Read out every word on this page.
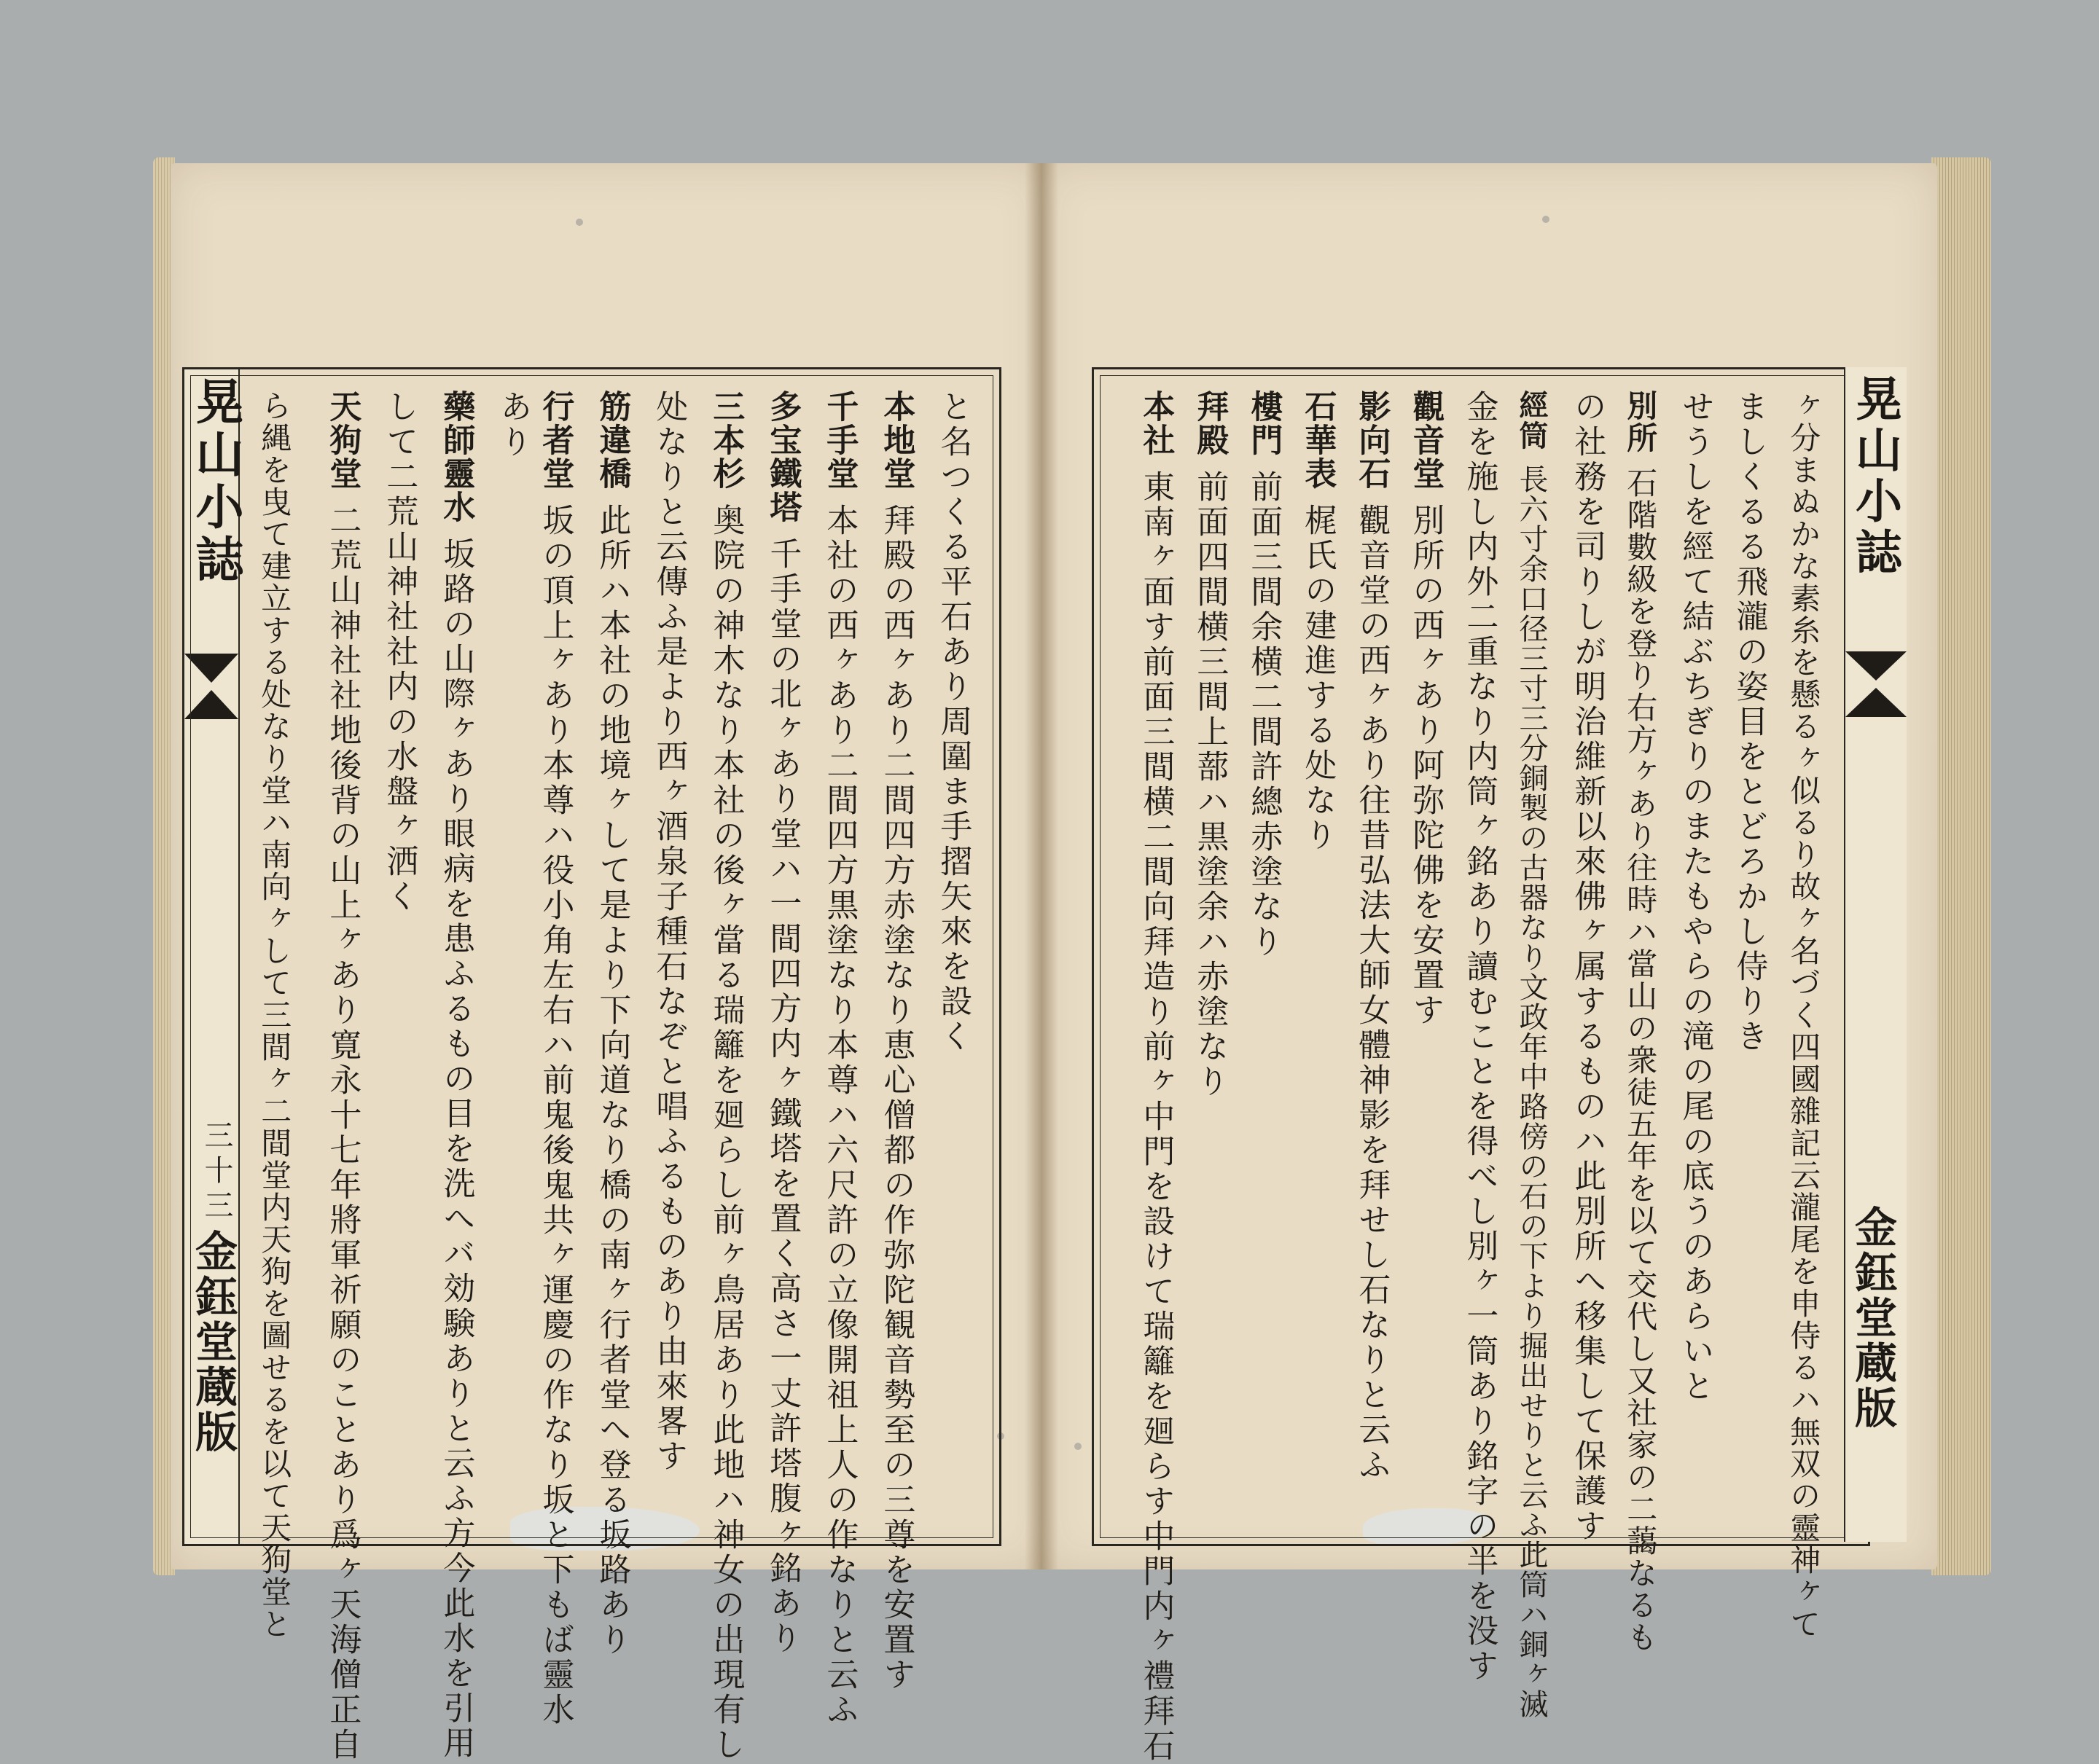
晃山小誌
三十三
金鈺堂蔵版
と名つくる平石あり周圍ま手摺矢來を設く
本地堂拜殿の西ヶあり二間四方赤塗なり恵心僧都の作弥陀観音勢至の三尊を安置す
千手堂本社の西ヶあり二間四方黒塗なり本尊ハ六尺許の立像開祖上人の作なりと云ふ
多宝鐵塔千手堂の北ヶあり堂ハ一間四方内ヶ鐵塔を置く高さ一丈許塔腹ヶ銘あり
三本杉奥院の神木なり本社の後ヶ當る瑞籬を廻らし前ヶ鳥居あり此地ハ神女の出現有し
处なりと云傳ふ是より西ヶ酒泉子種石なぞと唱ふるものあり由來畧す
筋違橋此所ハ本社の地境ヶして是より下向道なり橋の南ヶ行者堂へ登る坂路あり
行者堂坂の頂上ヶあり本尊ハ役小角左右ハ前鬼後鬼共ヶ運慶の作なり坂と下もば靈水
あり
藥師靈水坂路の山際ヶあり眼病を患ふるもの目を洗へバ効験ありと云ふ方今此水を引用
して二荒山神社社内の水盤ヶ洒く
天狗堂二荒山神社社地後背の山上ヶあり寛永十七年將軍祈願のことあり爲ヶ天海僧正自
ら縄を曳て建立する处なり堂ハ南向ヶして三間ヶ二間堂内天狗を圖せるを以て天狗堂と	ヶ分まぬかな素糸を懸るヶ似るり故ヶ名づく四國雜記云瀧尾を申侍るハ無双の靈神ヶて
ましくるる飛瀧の姿目をとどろかし侍りき
せうしを經て結ぶちぎりのまたもやらの滝の尾の底うのあらいと
別所石階數級を登り右方ヶあり往時ハ當山の衆徒五年を以て交代し又社家の二藹なるも
の社務を司りしが明治維新以來佛ヶ属するものハ此別所へ移集して保護す
經筒長六寸余口径三寸三分銅製の古器なり文政年中路傍の石の下より掘出せりと云ふ此筒ハ銅ヶ滅
金を施し内外二重なり内筒ヶ銘あり讀むことを得べし別ヶ一筒あり銘字の半を没す
觀音堂別所の西ヶあり阿弥陀佛を安置す
影向石觀音堂の西ヶあり往昔弘法大師女體神影を拜せし石なりと云ふ
石華表梶氏の建進する处なり
樓門前面三間余横二間許總赤塗なり
拜殿前面四間横三間上蔀ハ黒塗余ハ赤塗なり
本社東南ヶ面す前面三間横二間向拜造り前ヶ中門を設けて瑞籬を廻らす中門内ヶ禮拜石	晃山小誌
金鈺堂蔵版
